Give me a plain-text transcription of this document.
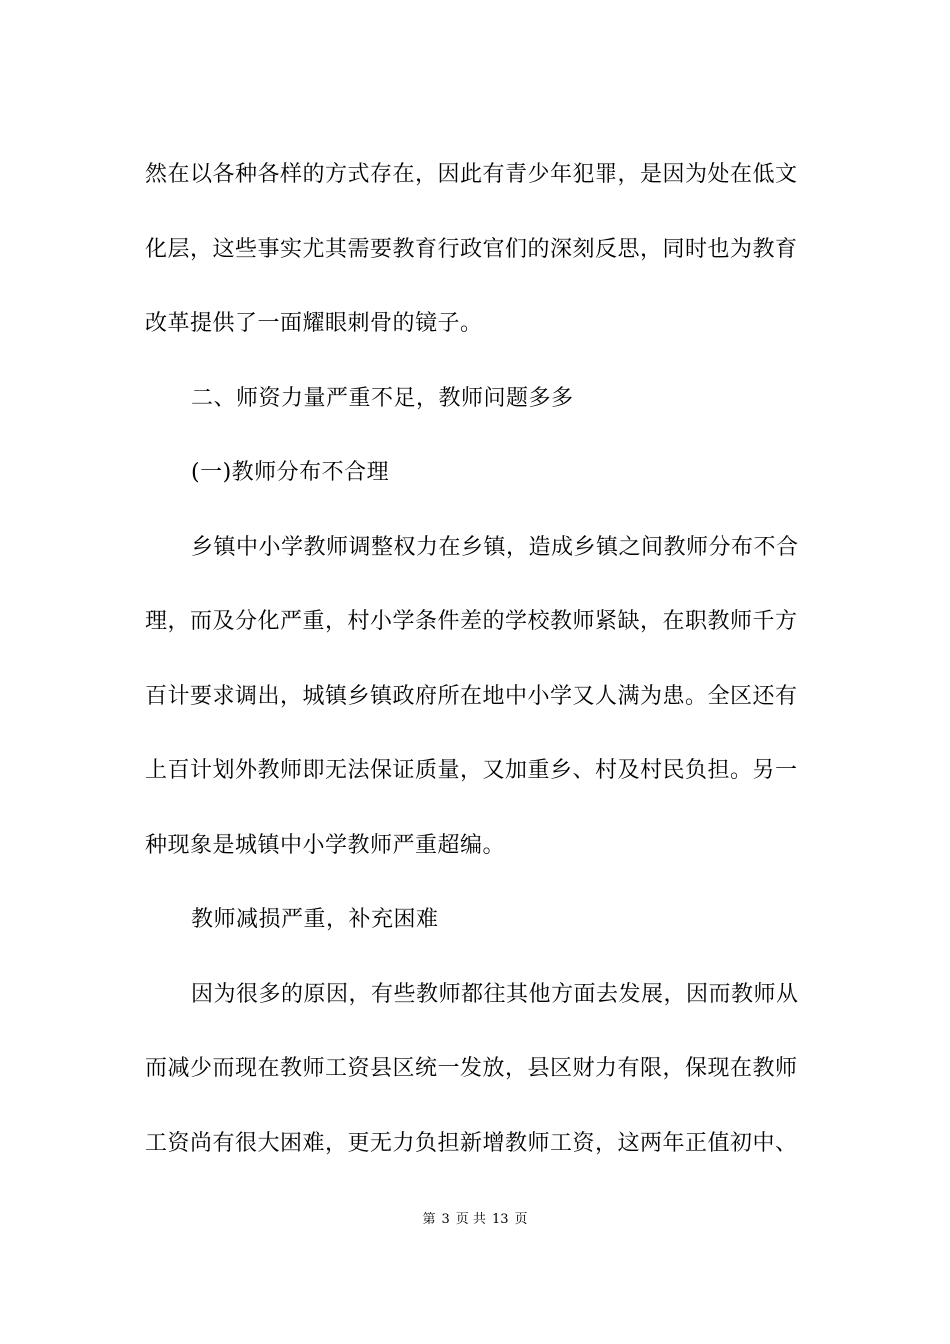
然在以各种各样的方式存在，因此有青少年犯罪，是因为处在低文
化层，这些事实尤其需要教育行政官们的深刻反思，同时也为教育
改革提供了一面耀眼刺骨的镜子。
二、师资力量严重不足，教师问题多多
(一)教师分布不合理
乡镇中小学教师调整权力在乡镇，造成乡镇之间教师分布不合
理，而及分化严重，村小学条件差的学校教师紧缺，在职教师千方
百计要求调出，城镇乡镇政府所在地中小学又人满为患。全区还有
上百计划外教师即无法保证质量，又加重乡、村及村民负担。另一
种现象是城镇中小学教师严重超编。
教师减损严重，补充困难
因为很多的原因，有些教师都往其他方面去发展，因而教师从
而减少而现在教师工资县区统一发放，县区财力有限，保现在教师
工资尚有很大困难，更无力负担新增教师工资，这两年正值初中、
第 3 页 共 13 页
